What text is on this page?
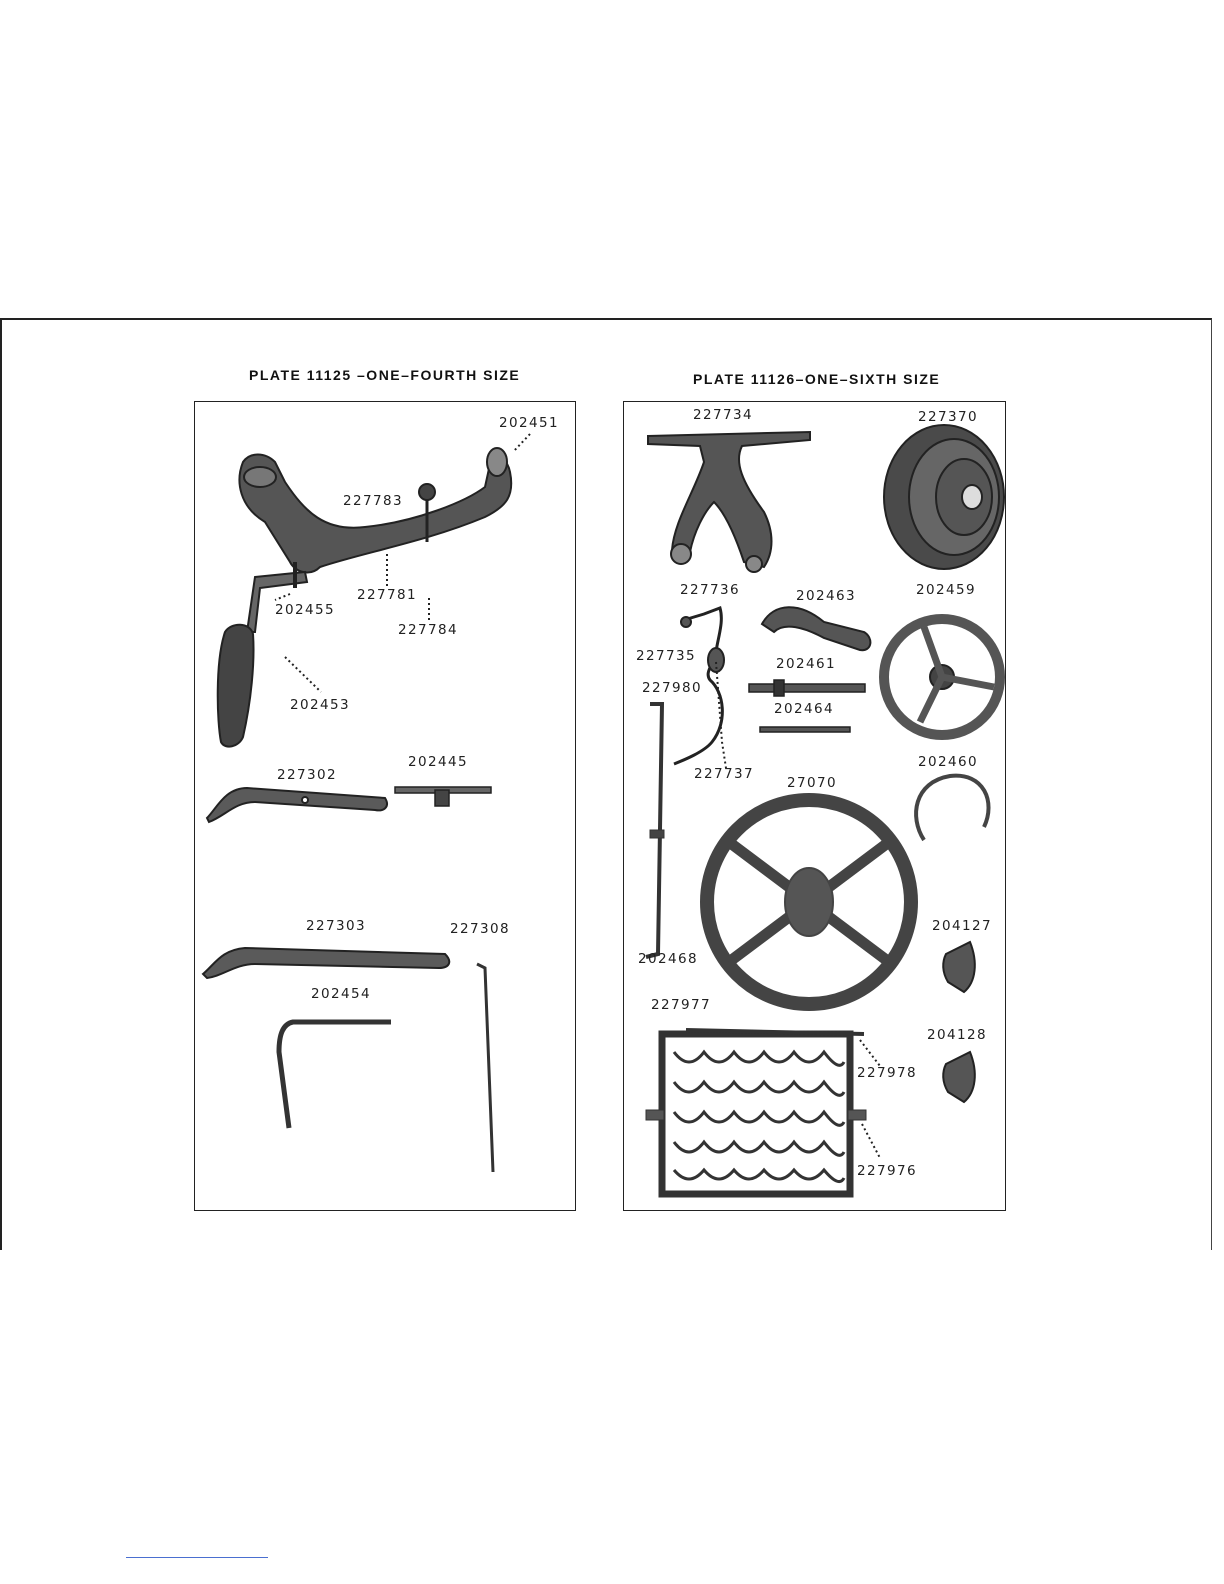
PLATE 11125 –ONE–FOURTH SIZE
202451
227783
227781
202455
227784
202453
227302
202445
227303	227308
202454
PLATE 11126–ONE–SIXTH SIZE
227734	227370
227736	202463	202459
227735	202461
227980
202464
227737
27070
202460
204127
202468
227977
204128
227978
227976
